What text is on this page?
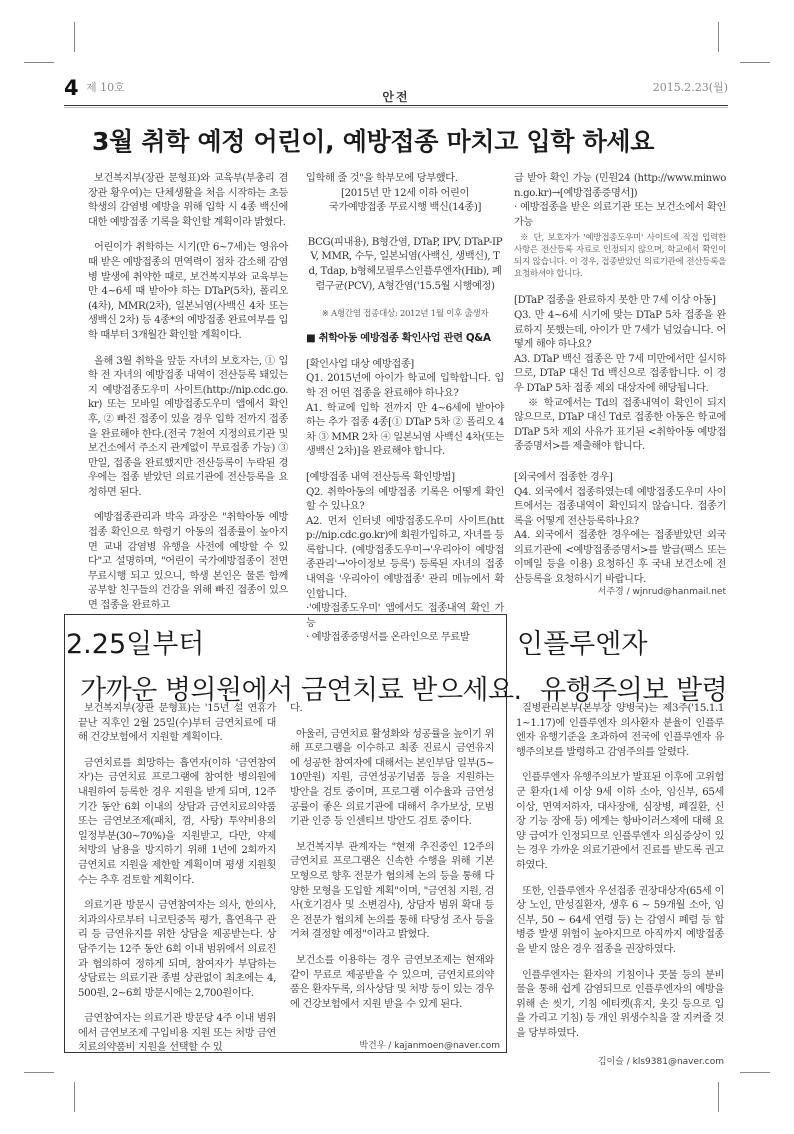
4 제 10호
안전
2015.2.23(월)
3월 취학 예정 어린이, 예방접종 마치고 입학 하세요

보건복지부(장관 문형표)와 교육부(부총리 겸장관 황우여)는 단체생활을 처음 시작하는 초등학생의 감염병 예방을 위해 입학 시 4종 백신에 대한 예방접종 기록을 확인할 계획이라 밝혔다.

어린이가 취학하는 시기(만 6~7세)는 영유아 때 받은 예방접종의 면역력이 점차 감소해 감염병 발생에 취약한 때로, 보건복지부와 교육부는 만 4~6세 때 받아야 하는 DTaP(5차), 폴리오(4차), MMR(2차), 일본뇌염(사백신 4차 또는 생백신 2차) 등 4종*의 예방접종 완료여부를 입학 때부터 3개월간 확인할 계획이다.

올해 3월 취학을 앞둔 자녀의 보호자는, ① 입학 전 자녀의 예방접종 내역이 전산등록 돼있는지 예방접종도우미 사이트(http://nip.cdc.go.kr) 또는 모바일 예방접종도우미 앱에서 확인 후, ② 빠진 접종이 있을 경우 입학 전까지 접종을 완료해야 한다.(전국 7천여 지정의료기관 및 보건소에서 주소지 관계없이 무료접종 가능) ③ 만일, 접종을 완료했지만 전산등록이 누락된 경우에는 접종 받았던 의료기관에 전산등록을 요청하면 된다.

예방접종관리과 박옥 과장은 "취학아동 예방접종 확인으로 학령기 아동의 접종률이 높아지면 교내 감염병 유행을 사전에 예방할 수 있다"고 설명하며, "어린이 국가예방접종이 전면 무료시행 되고 있으니, 학생 본인은 물론 함께 공부할 친구들의 건강을 위해 빠진 접종이 있으면 접종을 완료하고

입학해 줄 것"을 학부모에 당부했다.

[2015년 만 12세 이하 어린이

국가예방접종 무료시행 백신(14종)]

BCG(피내용), B형간염, DTaP, IPV, DTaP-IPV, MMR, 수두, 일본뇌염(사백신, 생백신), Td, Tdap, b형헤모필루스인플루엔자(Hib), 폐렴구균(PCV), A형간염('15.5월 시행예정)

※ A형간염 접종대상: 2012년 1월 이후 출생자

■ 취학아동 예방접종 확인사업 관련 Q&A

[확인사업 대상 예방접종]
Q1. 2015년에 아이가 학교에 입학합니다. 입학 전 어떤 접종을 완료해야 하나요?
A1. 학교에 입학 전까지 만 4~6세에 받아야 하는 추가 접종 4종[① DTaP 5차 ② 폴리오 4차 ③ MMR 2차 ④ 일본뇌염 사백신 4차(또는 생백신 2차)]을 완료해야 합니다.

[예방접종 내역 전산등록 확인방법]
Q2. 취학아동의 예방접종 기록은 어떻게 확인할 수 있나요?
A2. 먼저 인터넷 예방접종도우미 사이트(http://nip.cdc.go.kr)에 회원가입하고, 자녀를 등록합니다. (예방접종도우미→'우리아이 예방접종관리'→'아이정보 등록') 등록된 자녀의 접종내역을 '우리아이 예방접종' 관리 메뉴에서 확인합니다.
·'예방접종도우미' 앱에서도 접종내역 확인 가능
· 예방접종증명서를 온라인으로 무료발

급 받아 확인 가능 (민원24 (http://www.minwon.go.kr)→[예방접종증명서])
· 예방접종을 받은 의료기관 또는 보건소에서 확인 가능

※ 단, 보호자가 '예방접종도우미' 사이트에 직접 입력한 사항은 전산등록 자료로 인정되지 않으며, 학교에서 확인이 되지 않습니다. 이 경우, 접종받았던 의료기관에 전산등록을 요청하셔야 합니다.

[DTaP 접종을 완료하지 못한 만 7세 이상 아동]
Q3. 만 4~6세 시기에 맞는 DTaP 5차 접종을 완료하지 못했는데, 아이가 만 7세가 넘었습니다. 어떻게 해야 하나요?
A3. DTaP 백신 접종은 만 7세 미만에서만 실시하므로, DTaP 대신 Td 백신으로 접종합니다. 이 경우 DTaP 5차 접종 제외 대상자에 해당됩니다.

※ 학교에서는 Td의 접종내역이 확인이 되지 않으므로, DTaP 대신 Td로 접종한 아동은 학교에 DTaP 5차 제외 사유가 표기된 <취학아동 예방접종증명서>를 제출해야 합니다.

[외국에서 접종한 경우]
Q4. 외국에서 접종하였는데 예방접종도우미 사이트에서는 접종내역이 확인되지 않습니다. 접종기록을 어떻게 전산등록하나요?
A4. 외국에서 접종한 경우에는 접종받았던 외국 의료기관에 <예방접종증명서>를 발급(팩스 또는 이메일 등을 이용) 요청하신 후 국내 보건소에 전산등록을 요청하시기 바랍니다.

서주경 / wjnrud@hanmail.net
2.25일부터
가까운 병의원에서 금연치료 받으세요.

보건복지부(장관 문형표)는 '15년 설 연휴가 끝난 직후인 2월 25일(수)부터 금연치료에 대해 건강보험에서 지원할 계획이다.

금연치료를 희망하는 흡연자(이하 '금연참여자')는 금연치료 프로그램에 참여한 병의원에 내원하여 등록한 경우 지원을 받게 되며, 12주 기간 동안 6회 이내의 상담과 금연치료의약품 또는 금연보조제(패치, 껌, 사탕) 투약비용의 일정부분(30~70%)을 지원받고, 다만, 약제 처방의 남용을 방지하기 위해 1년에 2회까지 금연치료 지원을 제한할 계획이며 평생 지원횟수는 추후 검토할 계획이다.

의료기관 방문시 금연참여자는 의사, 한의사, 치과의사로부터 니코틴중독 평가, 흡연욕구 관리 등 금연유지를 위한 상담을 제공받는다. 상담주기는 12주 동안 6회 이내 범위에서 의료진과 협의하여 정하게 되며, 참여자가 부담하는 상담료는 의료기관 종별 상관없이 최초에는 4,500원, 2~6회 방문시에는 2,700원이다.

금연참여자는 의료기관 방문당 4주 이내 범위에서 금연보조제 구입비용 지원 또는 처방 금연치료의약품비 지원을 선택할 수 있

다.

아울러, 금연치료 활성화와 성공률을 높이기 위해 프로그램을 이수하고 최종 진료시 금연유지에 성공한 참여자에 대해서는 본인부담 일부(5~10만원) 지원, 금연성공기념품 등을 지원하는 방안을 검토 중이며, 프로그램 이수율과 금연성공률이 좋은 의료기관에 대해서 추가보상, 모범기관 인증 등 인센티브 방안도 검토 중이다.

보건복지부 관계자는 "현재 추진중인 12주의 금연치료 프로그램은 신속한 수행을 위해 기본모형으로 향후 전문가 협의체 논의 등을 통해 다양한 모형을 도입할 계획"이며, "금연침 지원, 검사(호기검사 및 소변검사), 상담자 범위 확대 등은 전문가 협의체 논의를 통해 타당성 조사 등을 거쳐 결정할 예정"이라고 밝혔다.

보건소를 이용하는 경우 금연보조제는 현재와 같이 무료로 제공받을 수 있으며, 금연치료의약품은 환자두록, 의사상담 및 처방 등이 있는 경우에 건강보험에서 지원 받을 수 있게 된다.

박건우 / kajanmoen@naver.com
인플루엔자
유행주의보 발령

질병관리본부(본부장 양병국)는 제3주('15.1.11~1.17)에 인플루엔자 의사환자 분율이 인플루엔자 유행기준을 초과하여 전국에 인플루엔자 유행주의보를 발령하고 감염주의를 알렸다.

인플루엔자 유행주의보가 발표된 이후에 고위험군 환자(1세 이상 9세 이하 소아, 임신부, 65세 이상, 면역저하자, 대사장애, 심장병, 폐질환, 신장 기능 장애 등) 에게는 항바이러스제에 대해 요양 급여가 인정되므로 인플루엔자 의심증상이 있는 경우 가까운 의료기관에서 진료를 받도록 권고하였다.

또한, 인플루엔자 우선접종 권장대상자(65세 이상 노인, 만성질환자, 생후 6 ~ 59개월 소아, 임신부, 50 ~ 64세 연령 등) 는 감염시 폐렴 등 합병증 발생 위험이 높아지므로 아직까지 예방접종을 받지 않은 경우 접종을 권장하였다.

인플루엔자는 환자의 기침이나 콧물 등의 분비물을 통해 쉽게 감염되므로 인플루엔자의 예방을 위해 손 씻기, 기침 에티켓(휴지, 옷깃 등으로 입을 가리고 기침) 등 개인 위생수칙을 잘 지켜줄 것을 당부하였다.

김이슬 / kls9381@naver.com
